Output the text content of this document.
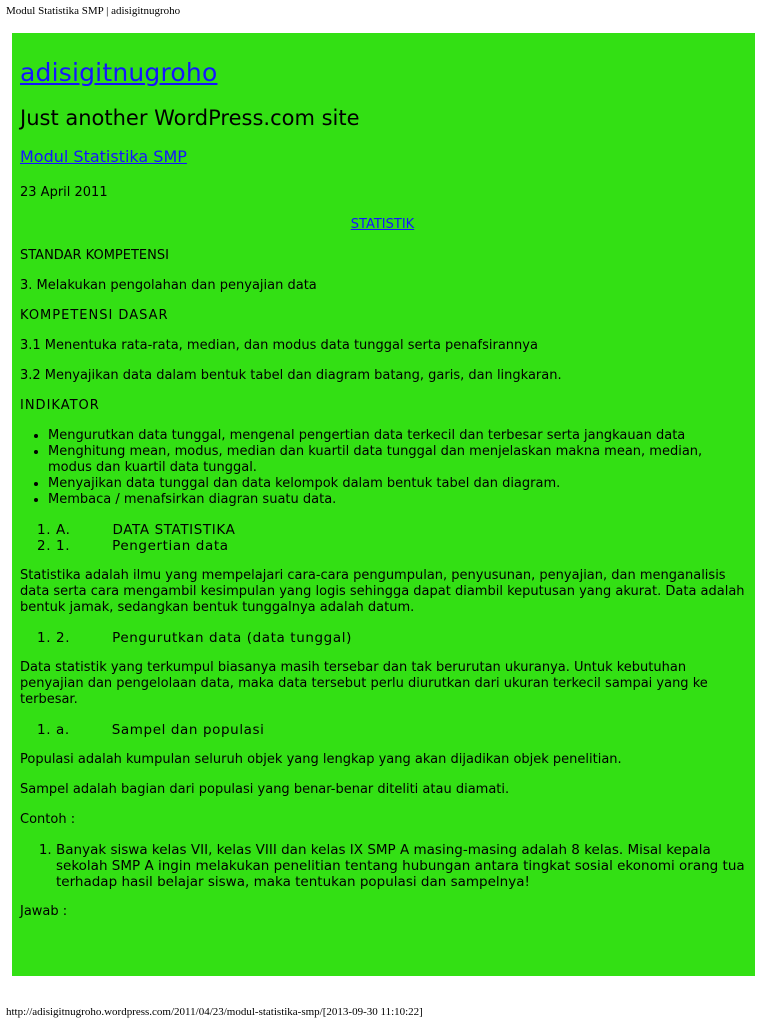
Modul Statistika SMP | adisigitnugroho
adisigitnugroho
Just another WordPress.com site
Modul Statistika SMP
23 April 2011
STATISTIK

STANDAR KOMPETENSI

3. Melakukan pengolahan dan penyajian data

KOMPETENSI DASAR

3.1 Menentuka rata-rata, median, dan modus data tunggal serta penafsirannya

3.2 Menyajikan data dalam bentuk tabel dan diagram batang, garis, dan lingkaran.

INDIKATOR

• Mengurutkan data tunggal, mengenal pengertian data terkecil dan terbesar serta jangkauan data
• Menghitung mean, modus, median dan kuartil data tunggal dan menjelaskan makna mean, median, modus dan kuartil data tunggal.
• Menyajikan data tunggal dan data kelompok dalam bentuk tabel dan diagram.
• Membaca / menafsirkan diagran suatu data.
1. A.	DATA STATISTIKA
2. 1.	Pengertian data

Statistika adalah ilmu yang mempelajari cara-cara pengumpulan, penyusunan, penyajian, dan menganalisis data serta cara mengambil kesimpulan yang logis sehingga dapat diambil keputusan yang akurat. Data adalah bentuk jamak, sedangkan bentuk tunggalnya adalah datum.

1. 2.	Pengurutkan data (data tunggal)

Data statistik yang terkumpul biasanya masih tersebar dan tak berurutan ukuranya. Untuk kebutuhan penyajian dan pengelolaan data, maka data tersebut perlu diurutkan dari ukuran terkecil sampai yang ke terbesar.

1. a.	Sampel dan populasi

Populasi adalah kumpulan seluruh objek yang lengkap yang akan dijadikan objek penelitian.

Sampel adalah bagian dari populasi yang benar-benar diteliti atau diamati.

Contoh :

1. Banyak siswa kelas VII, kelas VIII dan kelas IX SMP A masing-masing adalah 8 kelas. Misal kepala sekolah SMP A ingin melakukan penelitian tentang hubungan antara tingkat sosial ekonomi orang tua terhadap hasil belajar siswa, maka tentukan populasi dan sampelnya!

Jawab :

http://adisigitnugroho.wordpress.com/2011/04/23/modul-statistika-smp/[2013-09-30 11:10:22]
